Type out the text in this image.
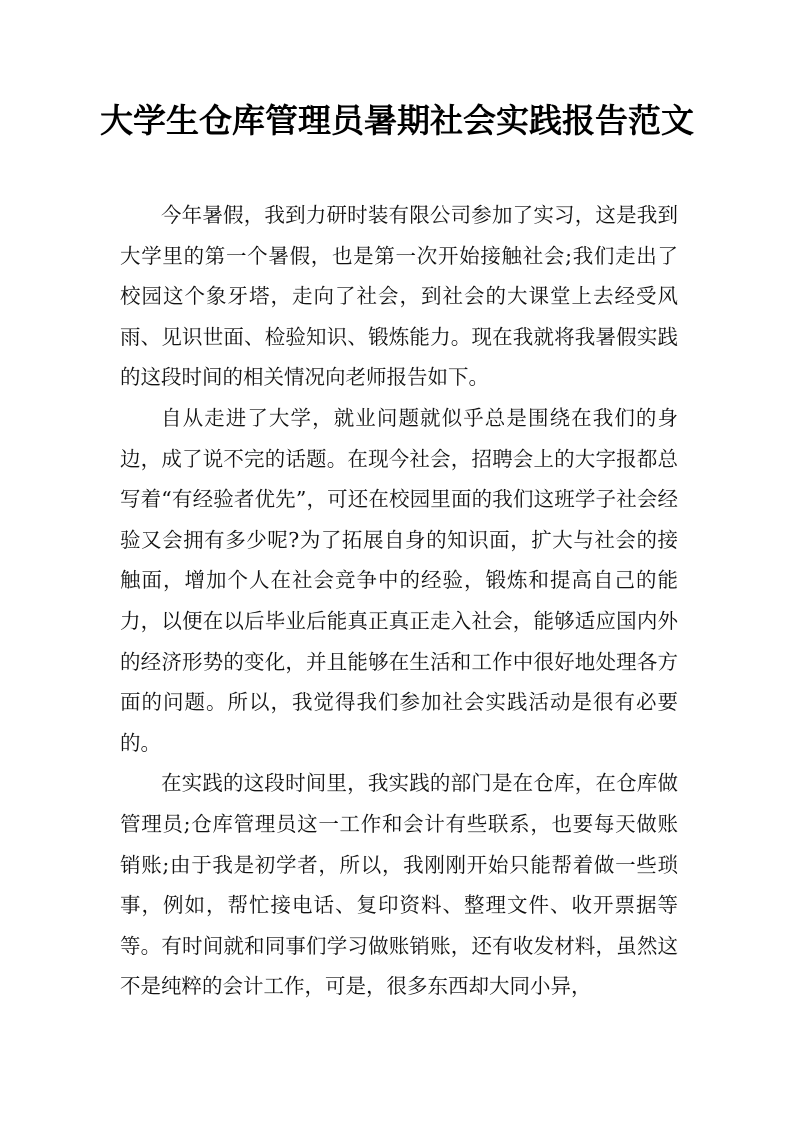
大学生仓库管理员暑期社会实践报告范文

今年暑假，我到力研时装有限公司参加了实习，这是我到大学里的第一个暑假，也是第一次开始接触社会;我们走出了校园这个象牙塔，走向了社会，到社会的大课堂上去经受风雨、见识世面、检验知识、锻炼能力。现在我就将我暑假实践的这段时间的相关情况向老师报告如下。

自从走进了大学，就业问题就似乎总是围绕在我们的身边，成了说不完的话题。在现今社会，招聘会上的大字报都总写着“有经验者优先”，可还在校园里面的我们这班学子社会经验又会拥有多少呢?为了拓展自身的知识面，扩大与社会的接触面，增加个人在社会竞争中的经验，锻炼和提高自己的能力，以便在以后毕业后能真正真正走入社会，能够适应国内外的经济形势的变化，并且能够在生活和工作中很好地处理各方面的问题。所以，我觉得我们参加社会实践活动是很有必要的。

在实践的这段时间里，我实践的部门是在仓库，在仓库做管理员;仓库管理员这一工作和会计有些联系，也要每天做账销账;由于我是初学者，所以，我刚刚开始只能帮着做一些琐事，例如，帮忙接电话、复印资料、整理文件、收开票据等等。有时间就和同事们学习做账销账，还有收发材料，虽然这不是纯粹的会计工作，可是，很多东西却大同小异，
